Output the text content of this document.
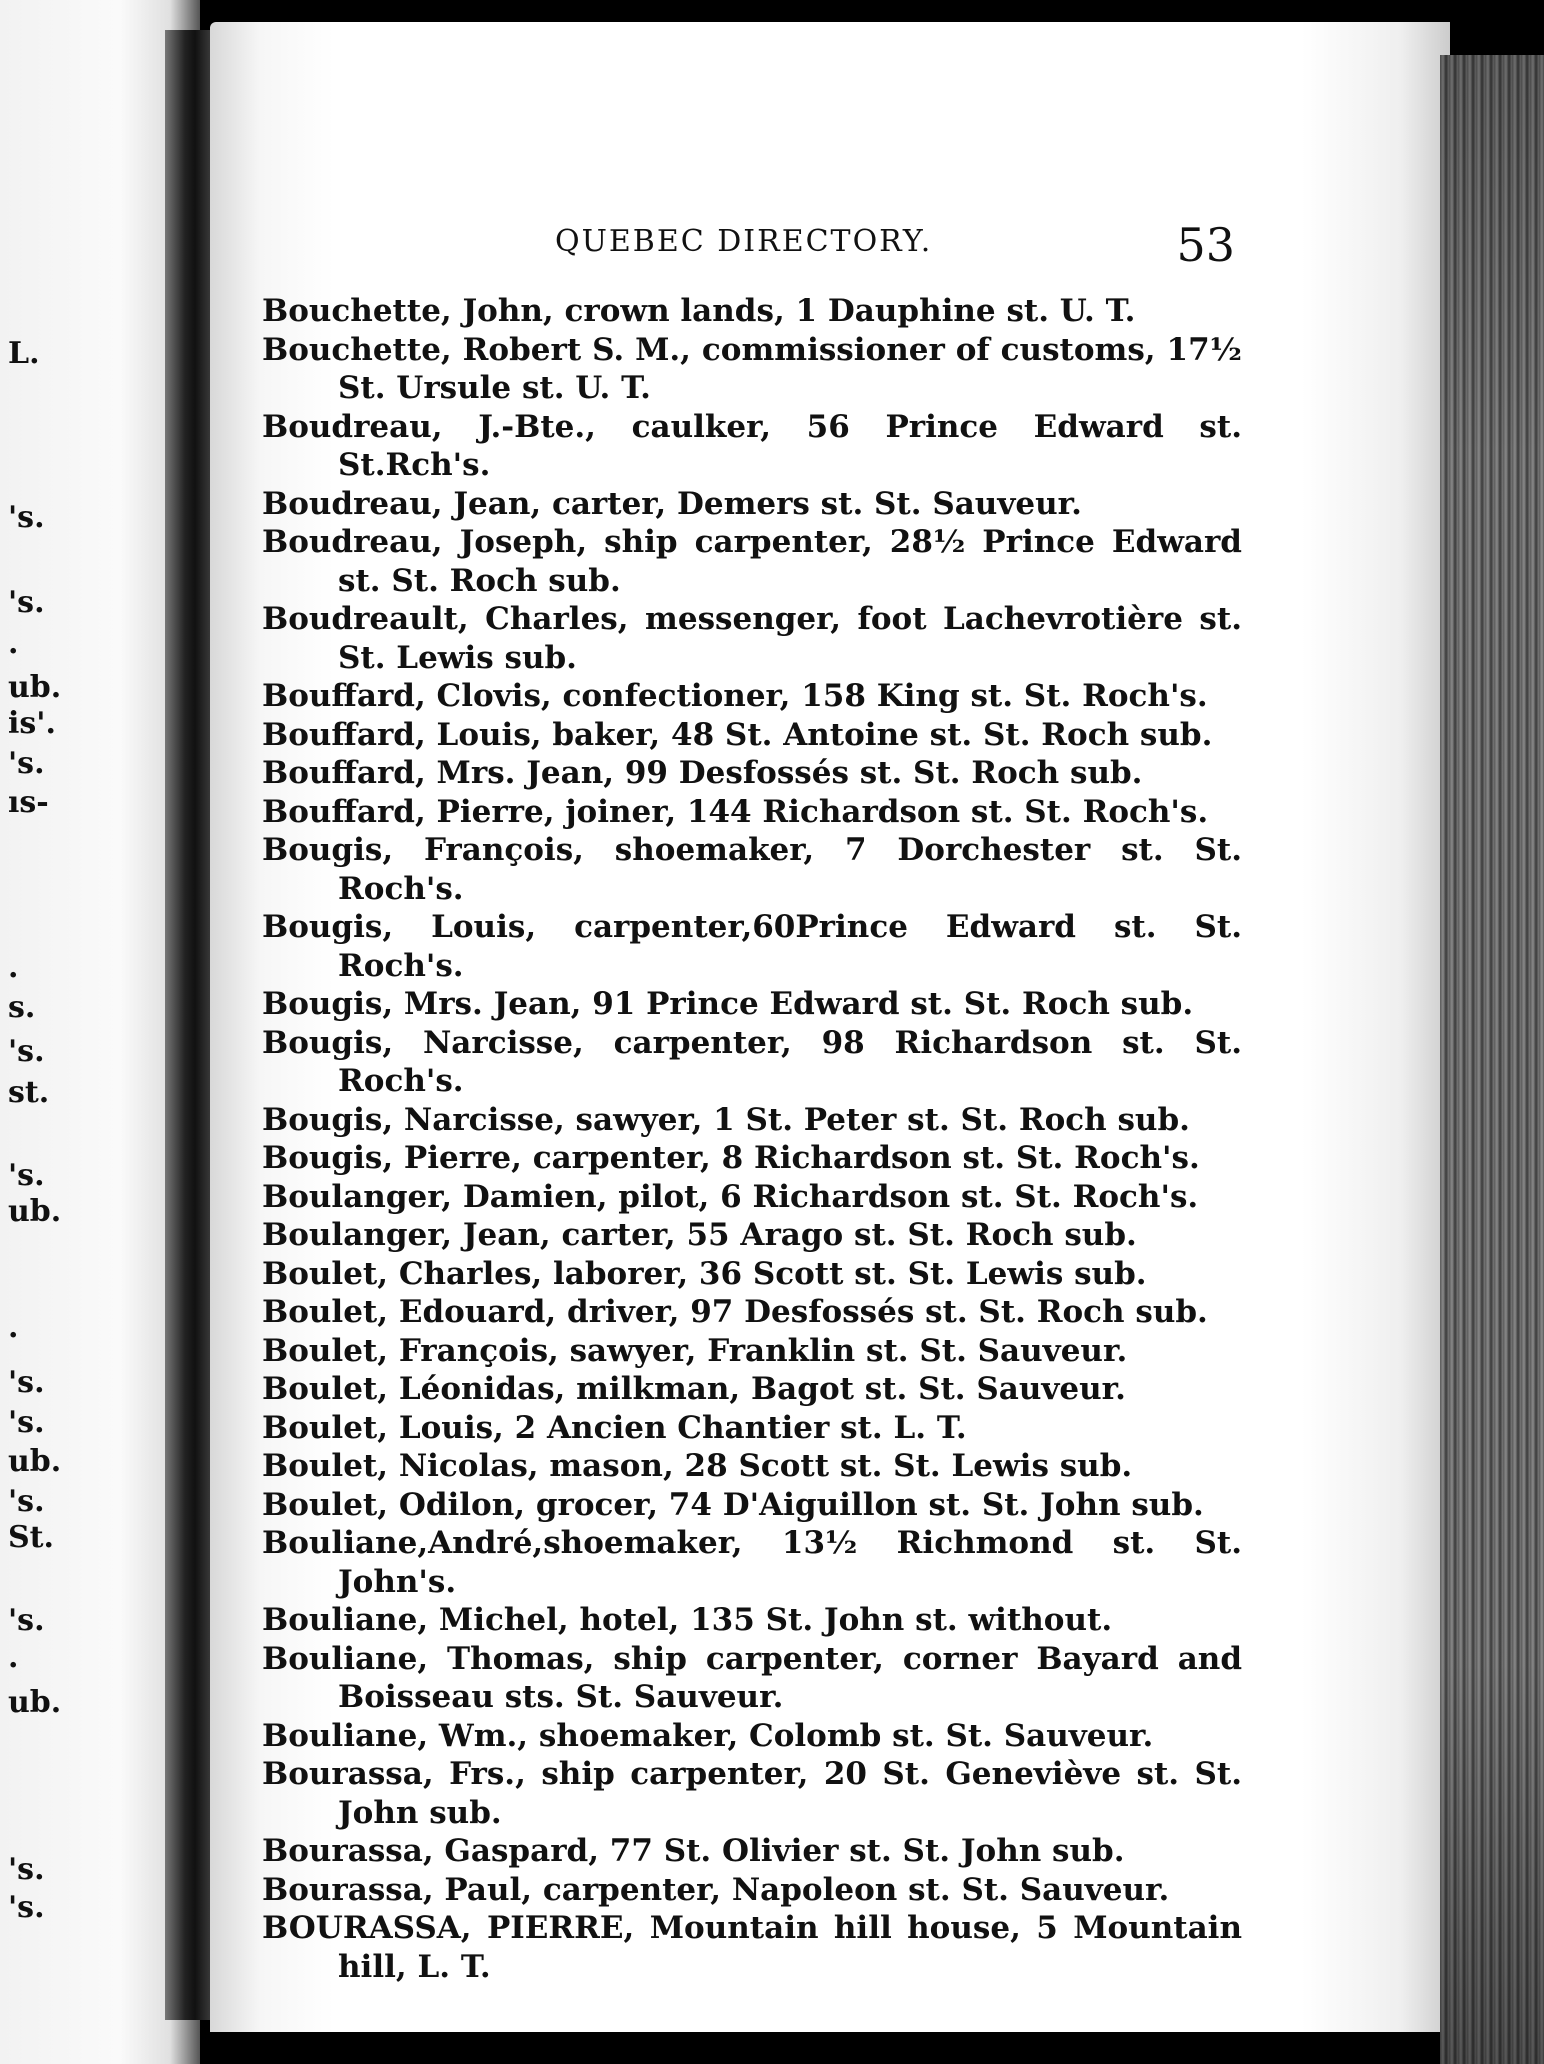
L.
's.
's.
.
ub.
is'.
's.
ıs-
.
s.
's.
st.
's.
ub.
.
's.
's.
ub.
's.
St.
's.
.
ub.
's.
's.
QUEBEC DIRECTORY.	53
Bouchette, John, crown lands, 1 Dauphine st. U. T.
Bouchette, Robert S. M., commissioner of customs, 17½ St. Ursule st. U. T.
Boudreau, J.-Bte., caulker, 56 Prince Edward st. St.Rch's.
Boudreau, Jean, carter, Demers st. St. Sauveur.
Boudreau, Joseph, ship carpenter, 28½ Prince Edward st. St. Roch sub.
Boudreault, Charles, messenger, foot Lachevrotière st. St. Lewis sub.
Bouffard, Clovis, confectioner, 158 King st. St. Roch's.
Bouffard, Louis, baker, 48 St. Antoine st. St. Roch sub.
Bouffard, Mrs. Jean, 99 Desfossés st. St. Roch sub.
Bouffard, Pierre, joiner, 144 Richardson st. St. Roch's.
Bougis, François, shoemaker, 7 Dorchester st. St. Roch's.
Bougis, Louis, carpenter,60Prince Edward st. St. Roch's.
Bougis, Mrs. Jean, 91 Prince Edward st. St. Roch sub.
Bougis, Narcisse, carpenter, 98 Richardson st. St. Roch's.
Bougis, Narcisse, sawyer, 1 St. Peter st. St. Roch sub.
Bougis, Pierre, carpenter, 8 Richardson st. St. Roch's.
Boulanger, Damien, pilot, 6 Richardson st. St. Roch's.
Boulanger, Jean, carter, 55 Arago st. St. Roch sub.
Boulet, Charles, laborer, 36 Scott st. St. Lewis sub.
Boulet, Edouard, driver, 97 Desfossés st. St. Roch sub.
Boulet, François, sawyer, Franklin st. St. Sauveur.
Boulet, Léonidas, milkman, Bagot st. St. Sauveur.
Boulet, Louis, 2 Ancien Chantier st. L. T.
Boulet, Nicolas, mason, 28 Scott st. St. Lewis sub.
Boulet, Odilon, grocer, 74 D'Aiguillon st. St. John sub.
Bouliane,André,shoemaker, 13½ Richmond st. St. John's.
Bouliane, Michel, hotel, 135 St. John st. without.
Bouliane, Thomas, ship carpenter, corner Bayard and Boisseau sts. St. Sauveur.
Bouliane, Wm., shoemaker, Colomb st. St. Sauveur.
Bourassa, Frs., ship carpenter, 20 St. Geneviève st. St. John sub.
Bourassa, Gaspard, 77 St. Olivier st. St. John sub.
Bourassa, Paul, carpenter, Napoleon st. St. Sauveur.
BOURASSA, PIERRE, Mountain hill house, 5 Mountain hill, L. T.
